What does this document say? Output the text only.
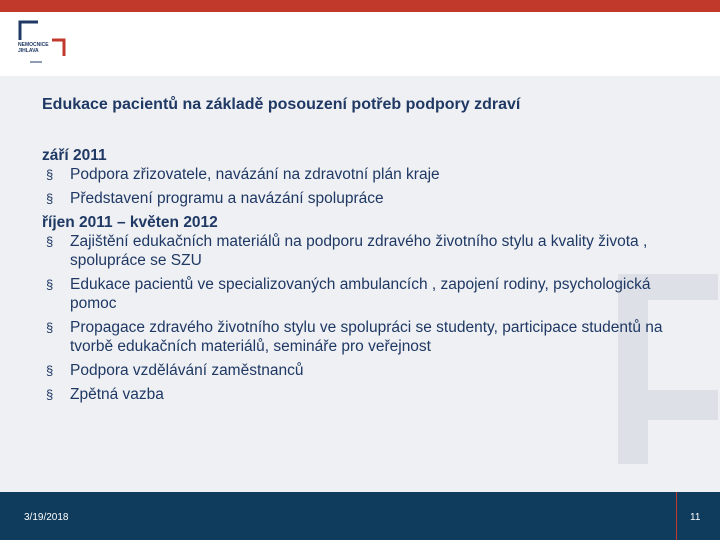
NEMOCNICE
JIHLAVA
Edukace pacientů na základě posouzení potřeb podpory zdraví

září 2011

§ Podpora zřizovatele, navázání na zdravotní plán kraje
§ Představení programu a navázání spolupráce

říjen 2011 – květen 2012

§ Zajištění edukačních materiálů na podporu zdravého životního stylu a kvality života , spolupráce se SZU
§ Edukace pacientů ve specializovaných ambulancích , zapojení rodiny, psychologická pomoc
§ Propagace zdravého životního stylu ve spolupráci se studenty, participace studentů na tvorbě edukačních materiálů, semináře pro veřejnost
§ Podpora vzdělávání zaměstnanců
§ Zpětná vazba
3/19/2018	11
